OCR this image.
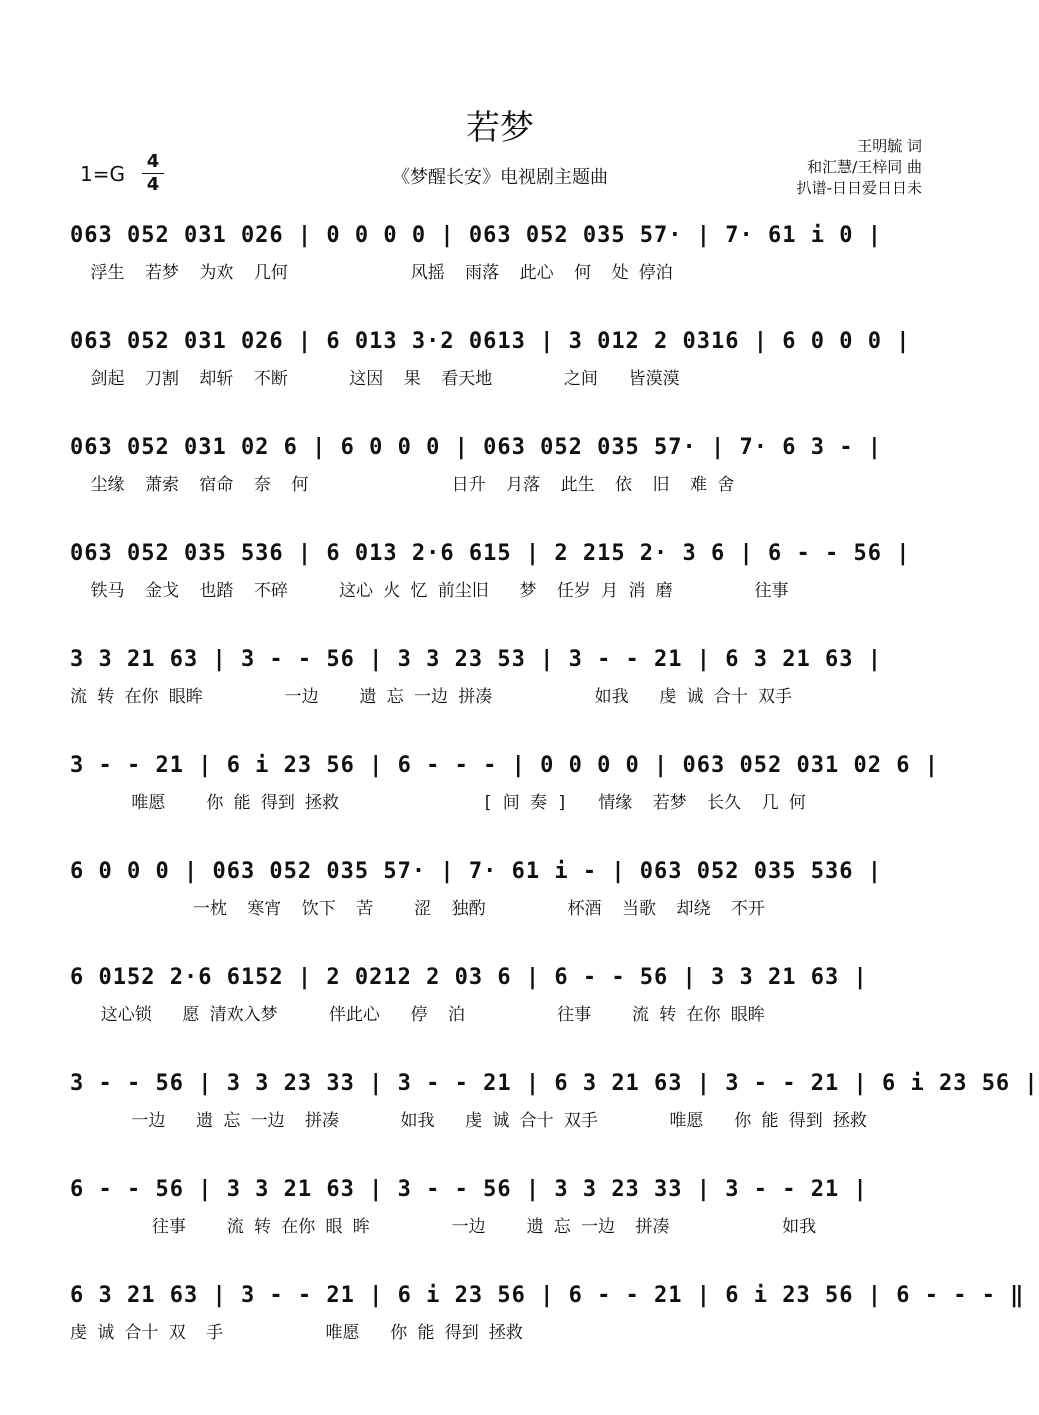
若梦
1=G
4
4	《梦醒长安》电视剧主题曲
王明毓 词
和汇慧/王梓同 曲
扒谱-日日爱日日未
063 052 031 026 | 0 0 0 0 | 063 052 035 57· | 7· 61 i 0 |
浮生  若梦  为欢  几何            风摇  雨落  此心  何  处 停泊
063 052 031 026 | 6 013 3·2 0613 | 3 012 2 0316 | 6 0 0 0 |
剑起  刀割  却斩  不断      这因  果  看天地       之间   皆漠漠
063 052 031 02 6 | 6 0 0 0 | 063 052 035 57· | 7· 6 3 - |
尘缘  萧索  宿命  奈  何              日升  月落  此生  依  旧  难 舍
063 052 035 536 | 6 013 2·6 615 | 2 215 2· 3 6 | 6 - - 56 |
铁马  金戈  也踏  不碎     这心 火 忆 前尘旧   梦  任岁 月 消 磨        往事
3 3 21 63 | 3 - - 56 | 3 3 23 53 | 3 - - 21 | 6 3 21 63 |
流 转 在你 眼眸        一边    遗 忘 一边 拼凑          如我   虔 诚 合十 双手
3 - - 21 | 6 i 23 56 | 6 - - - | 0 0 0 0 | 063 052 031 02 6 |
唯愿    你 能 得到 拯救              [ 间 奏 ]   情缘  若梦  长久  几 何
6 0 0 0 | 063 052 035 57· | 7· 61 i - | 063 052 035 536 |
一枕  寒宵  饮下  苦    涩  独酌        杯酒  当歌  却绕  不开
6 0152 2·6 6152 | 2 0212 2 03 6 | 6 - - 56 | 3 3 21 63 |
这心锁   愿 清欢入梦     伴此心   停  泊         往事    流 转 在你 眼眸
3 - - 56 | 3 3 23 33 | 3 - - 21 | 6 3 21 63 | 3 - - 21 | 6 i 23 56 |
一边   遗 忘 一边  拼凑      如我   虔 诚 合十 双手       唯愿   你 能 得到 拯救
6 - - 56 | 3 3 21 63 | 3 - - 56 | 3 3 23 33 | 3 - - 21 |
往事    流 转 在你 眼 眸        一边    遗 忘 一边  拼凑           如我
6 3 21 63 | 3 - - 21 | 6 i 23 56 | 6 - - 21 | 6 i 23 56 | 6 - - - ‖
虔 诚 合十 双  手          唯愿   你 能 得到 拯救
